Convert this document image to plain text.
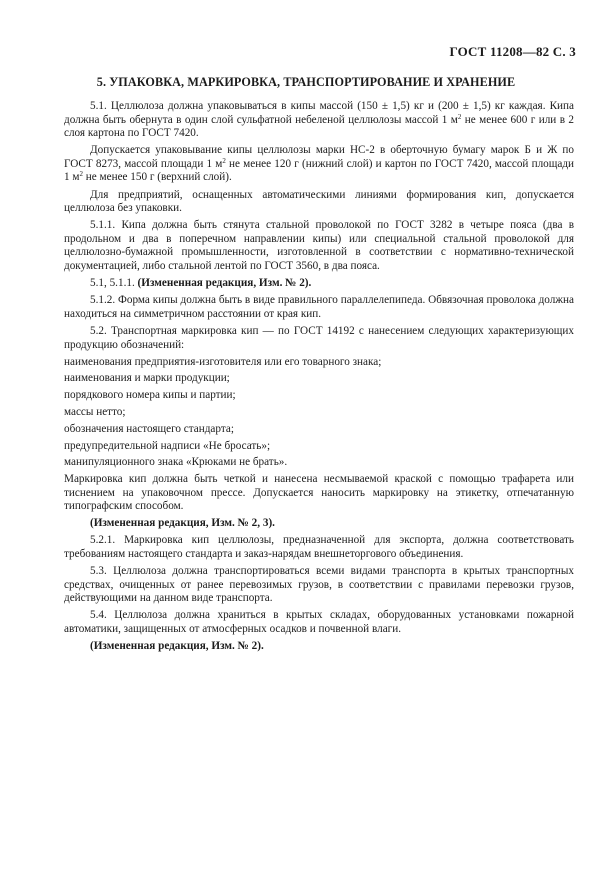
ГОСТ 11208—82 С. 3
5. УПАКОВКА, МАРКИРОВКА, ТРАНСПОРТИРОВАНИЕ И ХРАНЕНИЕ

5.1. Целлюлоза должна упаковываться в кипы массой (150 ± 1,5) кг и (200 ± 1,5) кг каждая. Кипа должна быть обернута в один слой сульфатной небеленой целлюлозы массой 1 $м^2$ не менее 600 г или в 2 слоя картона по ГОСТ 7420.

Допускается упаковывание кипы целлюлозы марки НС-2 в оберточную бумагу марок Б и Ж по ГОСТ 8273, массой площади 1 $м^2$ не менее 120 г (нижний слой) и картон по ГОСТ 7420, массой площади 1 $м^2$ не менее 150 г (верхний слой).

Для предприятий, оснащенных автоматическими линиями формирования кип, допускается целлюлоза без упаковки.

5.1.1. Кипа должна быть стянута стальной проволокой по ГОСТ 3282 в четыре пояса (два в продольном и два в поперечном направлении кипы) или специальной стальной проволокой для целлюлозно-бумажной промышленности, изготовленной в соответствии с нормативно-технической документацией, либо стальной лентой по ГОСТ 3560, в два пояса.

5.1, 5.1.1. (Измененная редакция, Изм. № 2).

5.1.2. Форма кипы должна быть в виде правильного параллелепипеда. Обвязочная проволока должна находиться на симметричном расстоянии от края кип.

5.2. Транспортная маркировка кип — по ГОСТ 14192 с нанесением следующих характеризующих продукцию обозначений:

наименования предприятия-изготовителя или его товарного знака;

наименования и марки продукции;

порядкового номера кипы и партии;

массы нетто;

обозначения настоящего стандарта;

предупредительной надписи «Не бросать»;

манипуляционного знака «Крюками не брать».

Маркировка кип должна быть четкой и нанесена несмываемой краской с помощью трафарета или тиснением на упаковочном прессе. Допускается наносить маркировку на этикетку, отпечатанную типографским способом.

(Измененная редакция, Изм. № 2, 3).

5.2.1. Маркировка кип целлюлозы, предназначенной для экспорта, должна соответствовать требованиям настоящего стандарта и заказ-нарядам внешнеторгового объединения.

5.3. Целлюлоза должна транспортироваться всеми видами транспорта в крытых транспортных средствах, очищенных от ранее перевозимых грузов, в соответствии с правилами перевозки грузов, действующими на данном виде транспорта.

5.4. Целлюлоза должна храниться в крытых складах, оборудованных установками пожарной автоматики, защищенных от атмосферных осадков и почвенной влаги.

(Измененная редакция, Изм. № 2).
